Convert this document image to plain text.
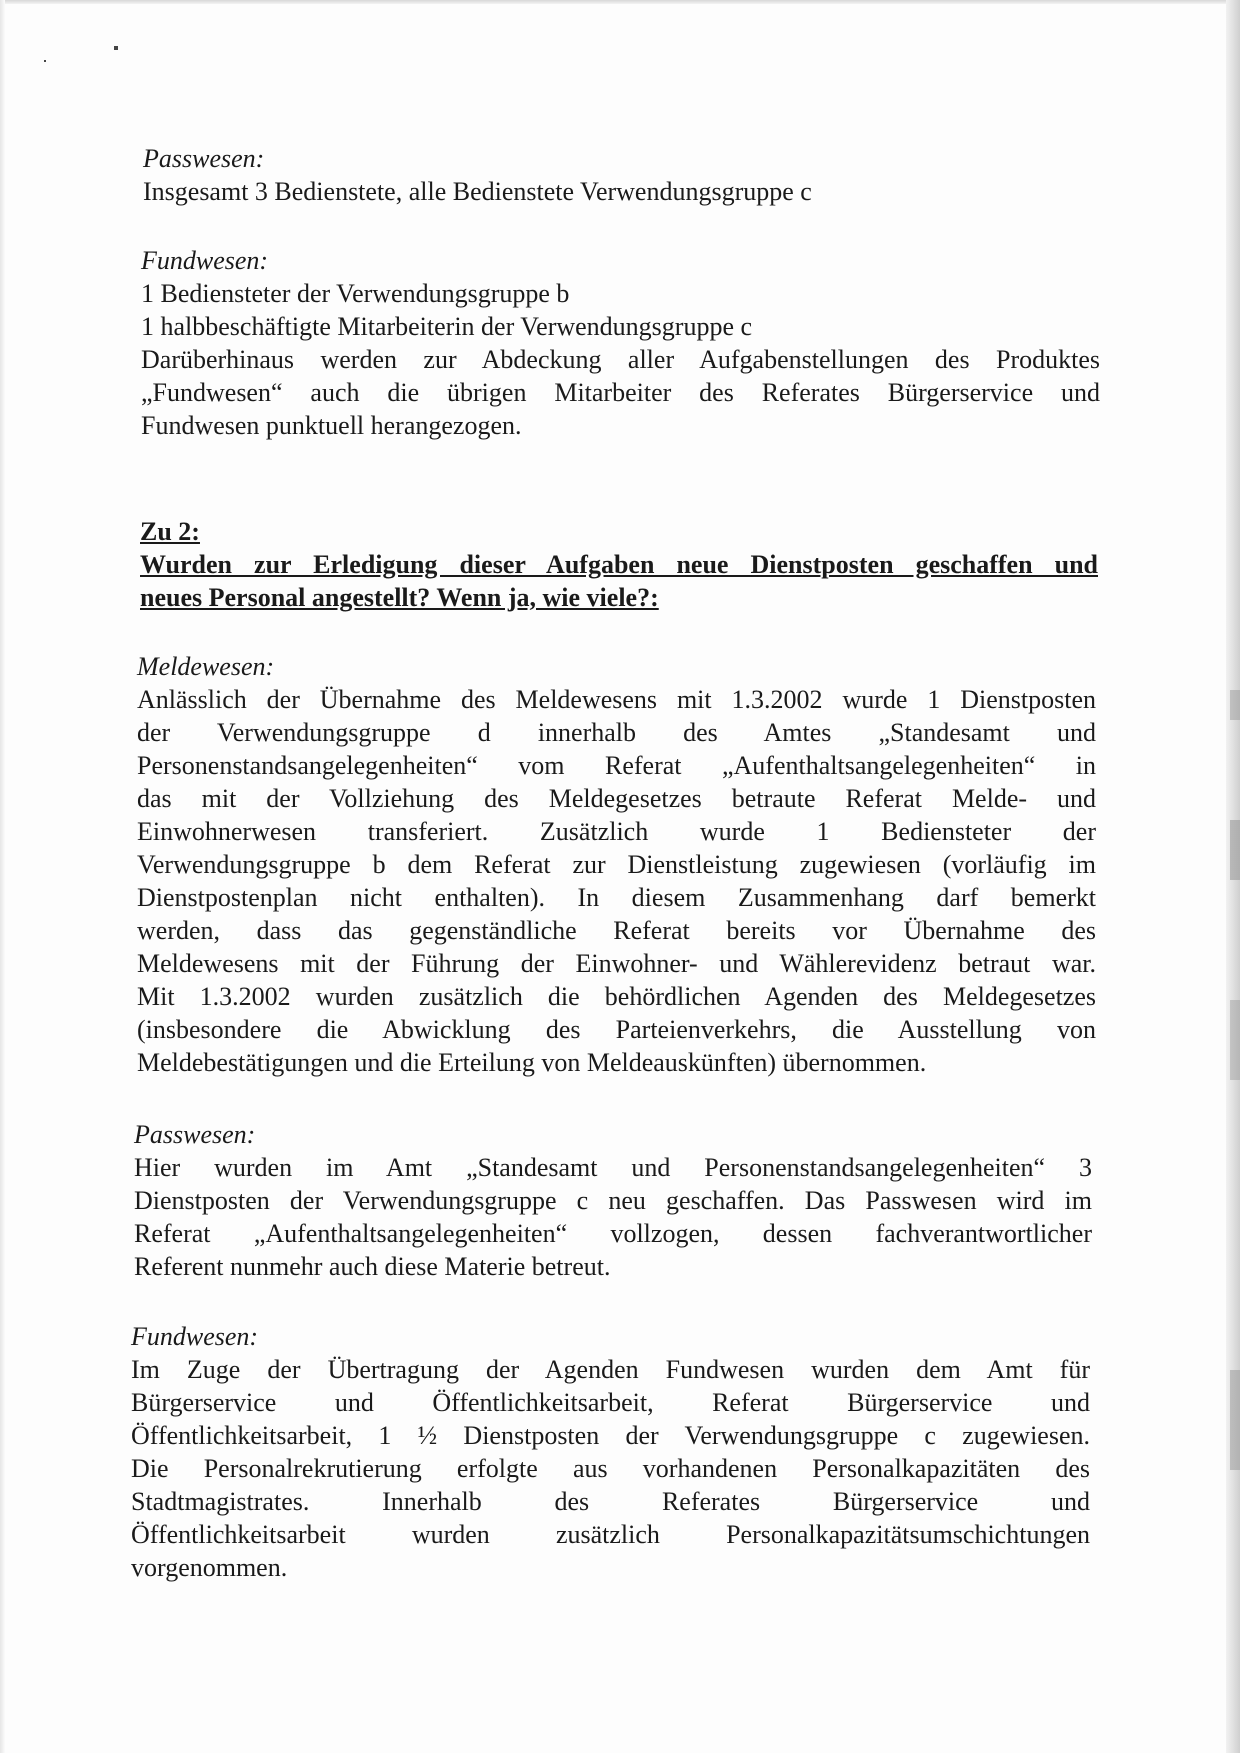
Passwesen:
Insgesamt 3 Bedienstete, alle Bedienstete Verwendungsgruppe c
Fundwesen:
1 Bediensteter der Verwendungsgruppe b
1 halbbeschäftigte Mitarbeiterin der Verwendungsgruppe c
Darüberhinaus werden zur Abdeckung aller Aufgabenstellungen des Produktes
„Fundwesen“ auch die übrigen Mitarbeiter des Referates Bürgerservice und
Fundwesen punktuell herangezogen.
Zu 2:
Wurden zur Erledigung dieser Aufgaben neue Dienstposten geschaffen und
neues Personal angestellt? Wenn ja, wie viele?:
Meldewesen:
Anlässlich der Übernahme des Meldewesens mit 1.3.2002 wurde 1 Dienstposten
der Verwendungsgruppe d innerhalb des Amtes „Standesamt und
Personenstandsangelegenheiten“ vom Referat „Aufenthaltsangelegenheiten“ in
das mit der Vollziehung des Meldegesetzes betraute Referat Melde- und
Einwohnerwesen transferiert. Zusätzlich wurde 1 Bediensteter der
Verwendungsgruppe b dem Referat zur Dienstleistung zugewiesen (vorläufig im
Dienstpostenplan nicht enthalten). In diesem Zusammenhang darf bemerkt
werden, dass das gegenständliche Referat bereits vor Übernahme des
Meldewesens mit der Führung der Einwohner- und Wählerevidenz betraut war.
Mit 1.3.2002 wurden zusätzlich die behördlichen Agenden des Meldegesetzes
(insbesondere die Abwicklung des Parteienverkehrs, die Ausstellung von
Meldebestätigungen und die Erteilung von Meldeauskünften) übernommen.
Passwesen:
Hier wurden im Amt „Standesamt und Personenstandsangelegenheiten“ 3
Dienstposten der Verwendungsgruppe c neu geschaffen. Das Passwesen wird im
Referat „Aufenthaltsangelegenheiten“ vollzogen, dessen fachverantwortlicher
Referent nunmehr auch diese Materie betreut.
Fundwesen:
Im Zuge der Übertragung der Agenden Fundwesen wurden dem Amt für
Bürgerservice und Öffentlichkeitsarbeit, Referat Bürgerservice und
Öffentlichkeitsarbeit, 1 ½ Dienstposten der Verwendungsgruppe c zugewiesen.
Die Personalrekrutierung erfolgte aus vorhandenen Personalkapazitäten des
Stadtmagistrates. Innerhalb des Referates Bürgerservice und
Öffentlichkeitsarbeit wurden zusätzlich Personalkapazitätsumschichtungen
vorgenommen.
